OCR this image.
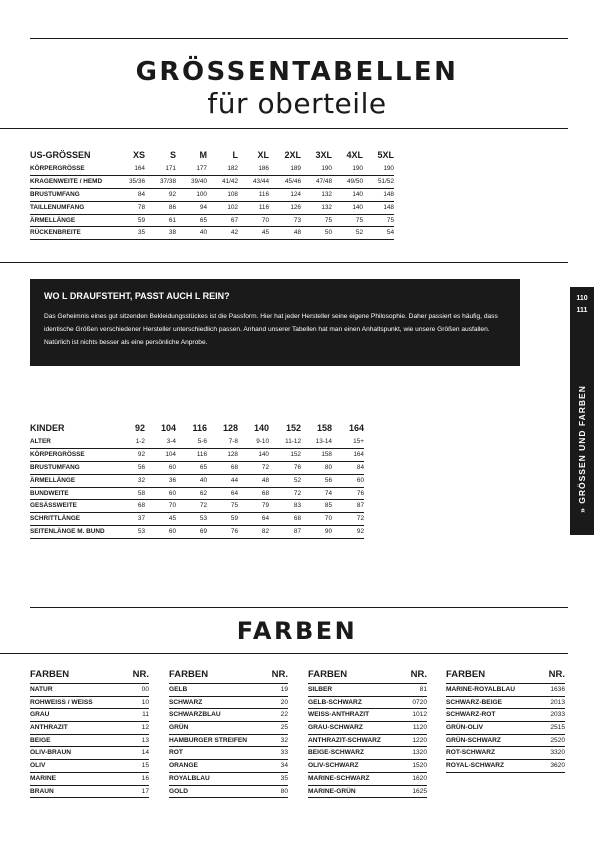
GRÖSSENTABELLEN
für oberteile
US-GRÖSSEN	XS	S	M	L XL 2XL 3XL 4XL 5XL
KÖRPERGRÖSSE	164	171	177	182	186	189	190	190	190
KRAGENWEITE / HEMD	35/36 37/38 39/40 41/42 43/44	45/46 47/48 49/50 51/52
BRUSTUMFANG	84	92	100	108	116	124	132	140	148
TAILLENUMFANG	78	86	94	102	116	126	132	140	148
ÄRMELLÄNGE	59	61	65	67	70	73	75	75	75
RÜCKENBREITE	35	38	40	42	45	48	50	52	54
WO L DRAUFSTEHT, PASST AUCH L REIN?
Das Geheimnis eines gut sitzenden Bekleidungsstückes ist die Passform. Hier hat jeder Hersteller seine eigene Philosophie. Daher passiert es häufig, dass identische Größen verschiedener Hersteller unterschiedlich passen. Anhand unserer Tabellen hat man einen Anhaltspunkt, wie unsere Größen ausfallen. Natürlich ist nichts besser als eine persönliche Anprobe.
110
111
» GRÖSSEN UND FARBEN
KINDER	92 104 116 128 140 152 158 164
ALTER	1-2	3-4	5-6	7-8	9-10	11-12 13-14	15+
KÖRPERGRÖSSE	92	104	116	128	140	152	158	164
BRUSTUMFANG	56	60	65	68	72	76	80	84
ÄRMELLÄNGE	32	36	40	44	48	52	56	60
BUNDWEITE	58	60	62	64	68	72	74	76
GESÄSSWEITE	68	70	72	75	79	83	85	87
SCHRITTLÄNGE	37	45	53	59	64	68	70	72
SEITENLÄNGE M. BUND	53	60	69	76	82	87	90	92
FARBEN
FARBEN	NR.
NATUR	00
ROHWEISS / WEISS	10
GRAU	11
ANTHRAZIT	12
BEIGE	13
OLIV-BRAUN	14
OLIV	15
MARINE	16
BRAUN	17
FARBEN	NR.
GELB	19
SCHWARZ	20
SCHWARZBLAU	22
GRÜN	25
HAMBURGER STREIFEN	32
ROT	33
ORANGE	34
ROYALBLAU	35
GOLD	80
FARBEN	NR.
SILBER	81
GELB-SCHWARZ	0720
WEISS-ANTHRAZIT	1012
GRAU-SCHWARZ	1120
ANTHRAZIT-SCHWARZ	1220
BEIGE-SCHWARZ	1320
OLIV-SCHWARZ	1520
MARINE-SCHWARZ	1620
MARINE-GRÜN	1625
FARBEN	NR.
MARINE-ROYALBLAU	1636
SCHWARZ-BEIGE	2013
SCHWARZ-ROT	2033
GRÜN-OLIV	2515
GRÜN-SCHWARZ	2520
ROT-SCHWARZ	3320
ROYAL-SCHWARZ	3620
